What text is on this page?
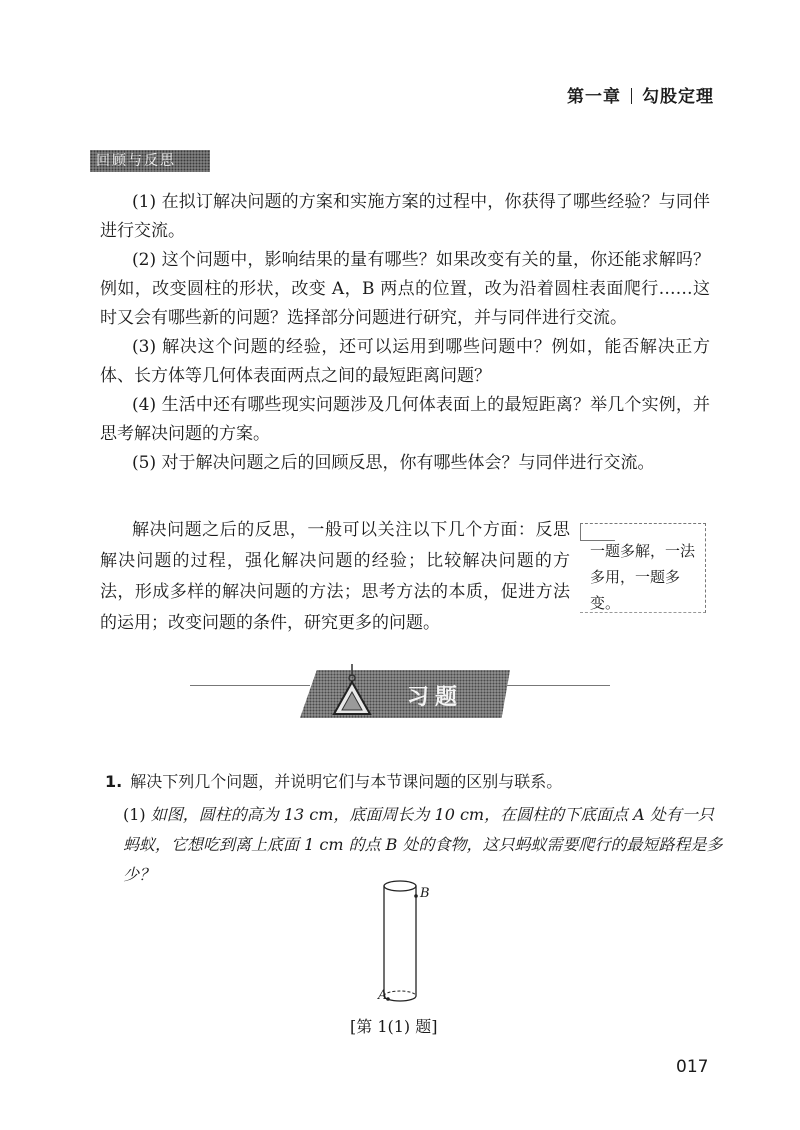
第一章 勾股定理
回顾与反思

(1) 在拟订解决问题的方案和实施方案的过程中，你获得了哪些经验？与同伴进行交流。

(2) 这个问题中，影响结果的量有哪些？如果改变有关的量，你还能求解吗？例如，改变圆柱的形状，改变 A，B 两点的位置，改为沿着圆柱表面爬行……这时又会有哪些新的问题？选择部分问题进行研究，并与同伴进行交流。

(3) 解决这个问题的经验，还可以运用到哪些问题中？例如，能否解决正方体、长方体等几何体表面两点之间的最短距离问题？

(4) 生活中还有哪些现实问题涉及几何体表面上的最短距离？举几个实例，并思考解决问题的方案。

(5) 对于解决问题之后的回顾反思，你有哪些体会？与同伴进行交流。

解决问题之后的反思，一般可以关注以下几个方面：反思解决问题的过程，强化解决问题的经验；比较解决问题的方法，形成多样的解决问题的方法；思考方法的本质，促进方法的运用；改变问题的条件，研究更多的问题。

一题多解，一法多用，一题多变。
习题

1. 解决下列几个问题，并说明它们与本节课问题的区别与联系。

(1) 如图，圆柱的高为 13 cm，底面周长为 10 cm，在圆柱的下底面点 A 处有一只蚂蚁，它想吃到离上底面 1 cm 的点 B 处的食物，这只蚂蚁需要爬行的最短路程是多少？

B
A
[第 1(1) 题]
017
